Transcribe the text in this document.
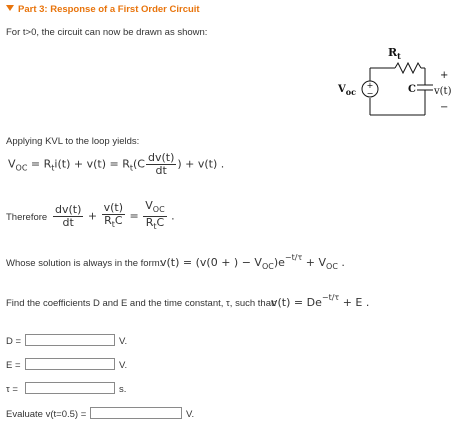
Part 3: Response of a First Order Circuit
For t>0, the circuit can now be drawn as shown:
+
−
$R_t$
$V_{oc}$	C
+
v(t)
−
Applying KVL to the loop yields:
$V_{OC} = R_ti(t) + v(t) = R_t(C \frac{dv(t)}{dt}$ ) + v(t) .
Therefore $\frac{dv(t)}{dt} + \frac{v(t)}{R_tC} = \frac{V_{OC}}{R_tC}$ .
Whose solution is always in the form:
v(t) = (v(0 + ) − $V_{OC})e^{-t/\tau} + V_{OC}$ .
Find the coefficients D and E and the time constant, τ, such that:
$v(t) = De^{-t/\tau} + E$ .
D =	V.
E =	V.
τ =	s.
Evaluate v(t=0.5) =	V.
